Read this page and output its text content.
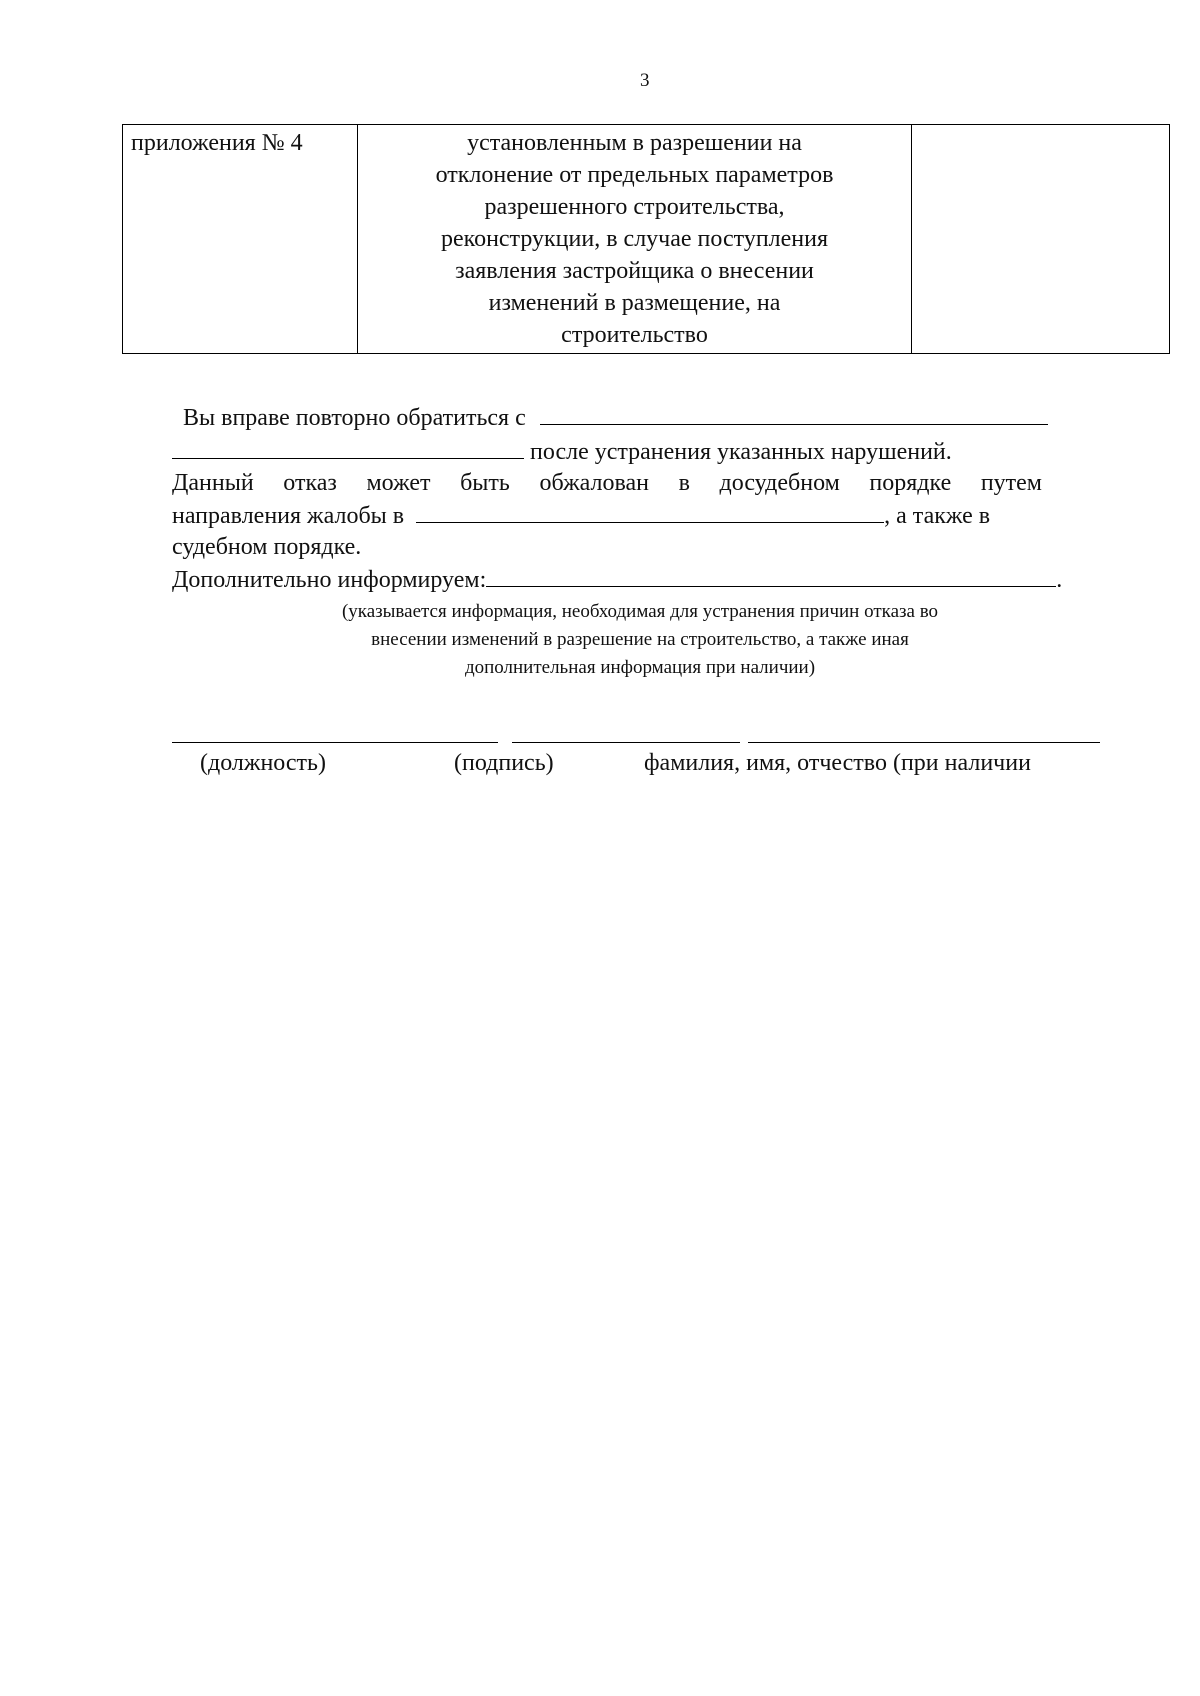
3
приложения № 4	установленным в разрешении на
отклонение от предельных параметров
разрешенного строительства,
реконструкции, в случае поступления
заявления застройщика о внесении
изменений в размещение, на
строительство

Вы вправе повторно обратиться с
после устранения указанных нарушений.
Данный отказ может быть обжалован в досудебном порядке путем
направления жалобы в	, а также в
судебном порядке.
Дополнительно информируем:	.
(указывается информация, необходимая для устранения причин отказа во
внесении изменений в разрешение на строительство, а также иная
дополнительная информация при наличии)
(должность)	(подпись)	фамилия, имя, отчество (при наличии
